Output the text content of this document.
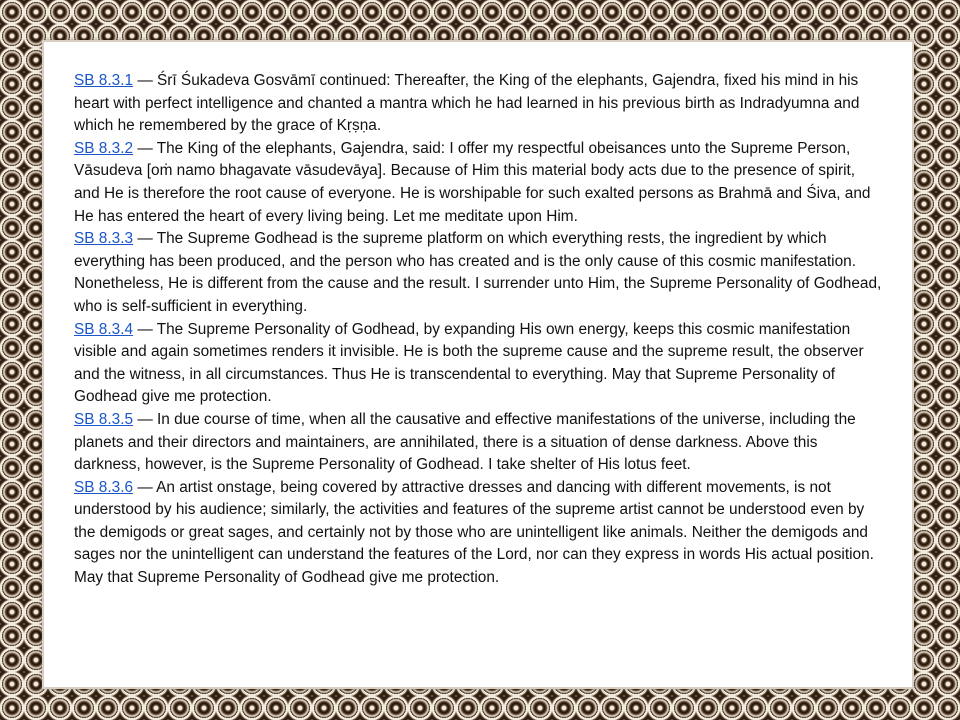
SB 8.3.1 — Śrī Śukadeva Gosvāmī continued: Thereafter, the King of the elephants, Gajendra, fixed his mind in his heart with perfect intelligence and chanted a mantra which he had learned in his previous birth as Indradyumna and which he remembered by the grace of Kṛṣṇa.

SB 8.3.2 — The King of the elephants, Gajendra, said: I offer my respectful obeisances unto the Supreme Person, Vāsudeva [oṁ namo bhagavate vāsudevāya]. Because of Him this material body acts due to the presence of spirit, and He is therefore the root cause of everyone. He is worshipable for such exalted persons as Brahmā and Śiva, and He has entered the heart of every living being. Let me meditate upon Him.

SB 8.3.3 — The Supreme Godhead is the supreme platform on which everything rests, the ingredient by which everything has been produced, and the person who has created and is the only cause of this cosmic manifestation. Nonetheless, He is different from the cause and the result. I surrender unto Him, the Supreme Personality of Godhead, who is self-sufficient in everything.

SB 8.3.4 — The Supreme Personality of Godhead, by expanding His own energy, keeps this cosmic manifestation visible and again sometimes renders it invisible. He is both the supreme cause and the supreme result, the observer and the witness, in all circumstances. Thus He is transcendental to everything. May that Supreme Personality of Godhead give me protection.

SB 8.3.5 — In due course of time, when all the causative and effective manifestations of the universe, including the planets and their directors and maintainers, are annihilated, there is a situation of dense darkness. Above this darkness, however, is the Supreme Personality of Godhead. I take shelter of His lotus feet.

SB 8.3.6 — An artist onstage, being covered by attractive dresses and dancing with different movements, is not understood by his audience; similarly, the activities and features of the supreme artist cannot be understood even by the demigods or great sages, and certainly not by those who are unintelligent like animals. Neither the demigods and sages nor the unintelligent can understand the features of the Lord, nor can they express in words His actual position. May that Supreme Personality of Godhead give me protection.
